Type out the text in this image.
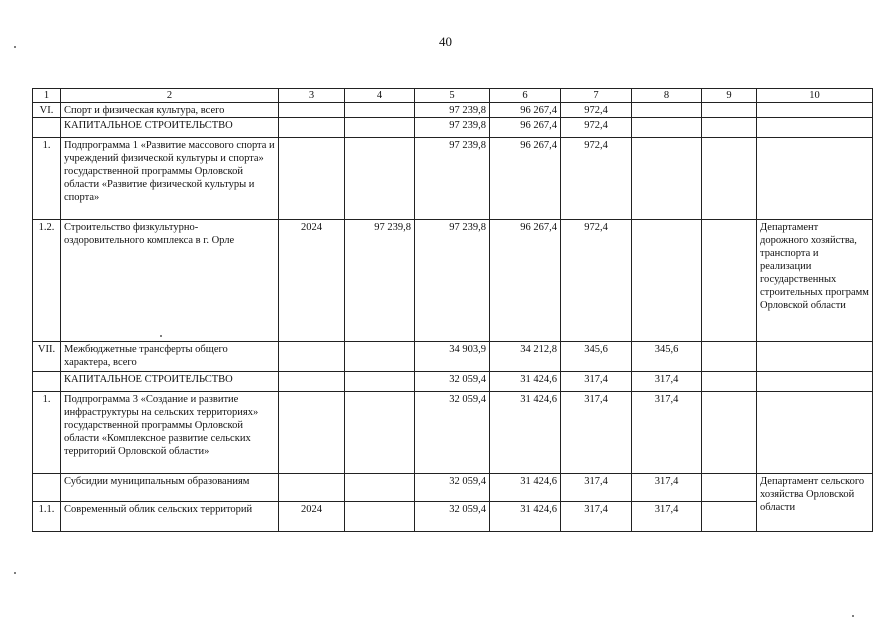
40
1	2	3	4	5	6	7	8	9	10
VI.	Спорт и физическая культура, всего			97 239,8	96 267,4	972,4			
	КАПИТАЛЬНОЕ СТРОИТЕЛЬСТВО			97 239,8	96 267,4	972,4			
1.	Подпрограмма 1 «Развитие массового спорта и учреждений физической культуры и спорта» государственной программы Орловской области «Развитие физической культуры и спорта»			97 239,8	96 267,4	972,4			
1.2.	Строительство физкультурно-оздоровительного комплекса в г. Орле	2024	97 239,8	97 239,8	96 267,4	972,4			Департамент дорожного хозяйства, транспорта и реализации государственных строительных программ Орловской области
VII.	Межбюджетные трансферты общего характера, всего			34 903,9	34 212,8	345,6	345,6		
	КАПИТАЛЬНОЕ СТРОИТЕЛЬСТВО			32 059,4	31 424,6	317,4	317,4		
1.	Подпрограмма 3 «Создание и развитие инфраструктуры на сельских территориях» государственной программы Орловской области «Комплексное развитие сельских территорий Орловской области»			32 059,4	31 424,6	317,4	317,4		
	Субсидии муниципальным образованиям			32 059,4	31 424,6	317,4	317,4		Департамент сельского хозяйства Орловской области
1.1.	Современный облик сельских территорий	2024		32 059,4	31 424,6	317,4	317,4		
